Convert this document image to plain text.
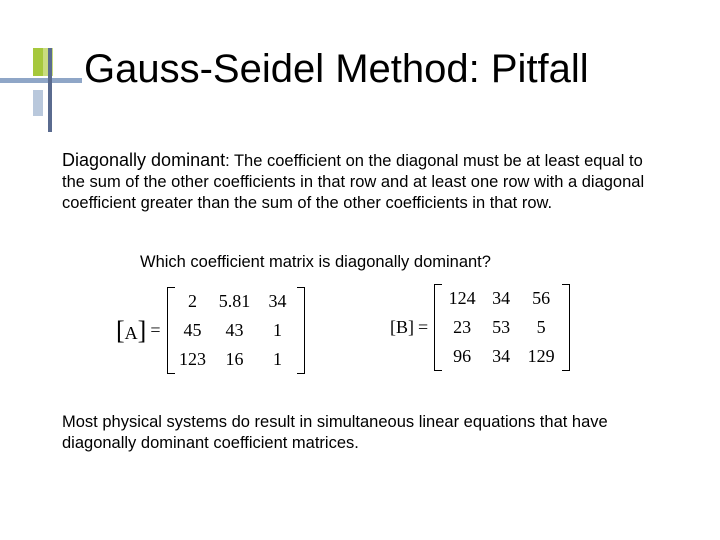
Gauss-Seidel Method: Pitfall
Diagonally dominant: The coefficient on the diagonal must be at least equal to the sum of the other coefficients in that row and at least one row with a diagonal coefficient greater than the sum of the other coefficients in that row.
Which coefficient matrix is diagonally dominant?
[A] =
2	5.81	34
45	43	1
123	16	1
[B] =
124	34	56
23	53	5
96	34	129
Most physical systems do result in simultaneous linear equations that have diagonally dominant coefficient matrices.
